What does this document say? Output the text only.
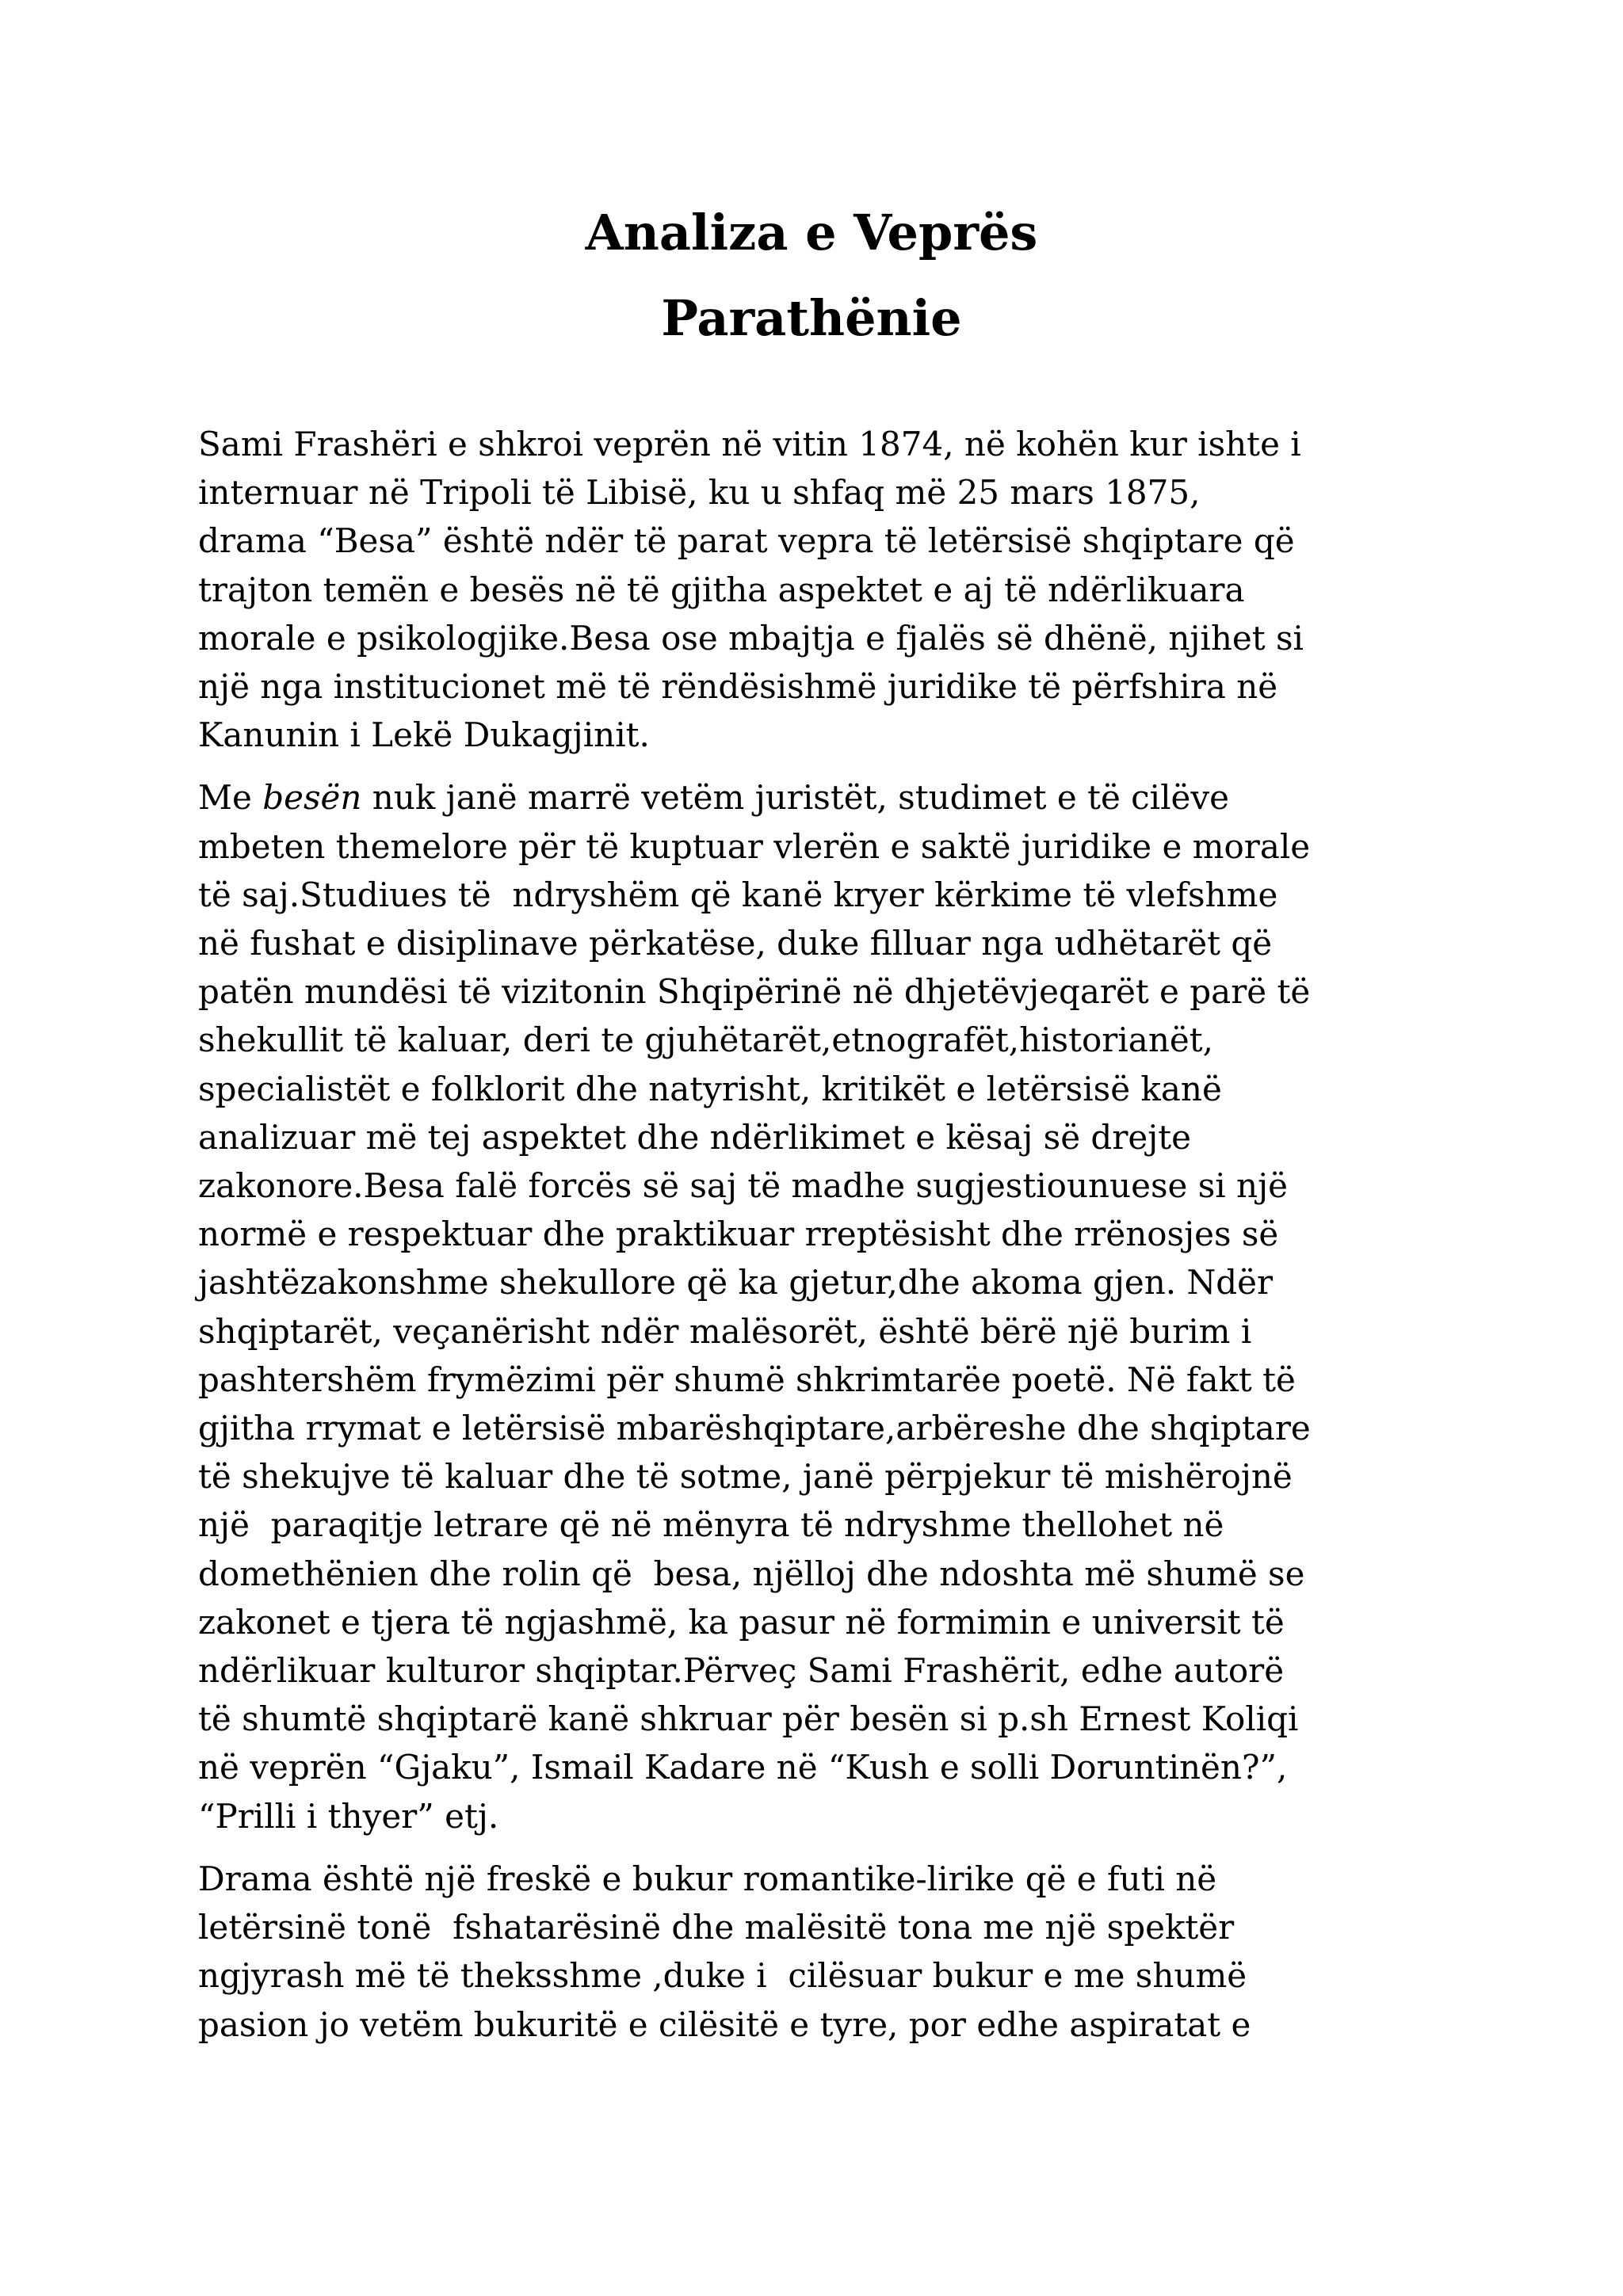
Analiza e Veprës
Parathënie

Sami Frashëri e shkroi veprën në vitin 1874, në kohën kur ishte i
internuar në Tripoli të Libisë, ku u shfaq më 25 mars 1875,
drama “Besa” është ndër të parat vepra të letërsisë shqiptare që
trajton temën e besës në të gjitha aspektet e aj të ndërlikuara
morale e psikologjike.Besa ose mbajtja e fjalës së dhënë, njihet si
një nga institucionet më të rëndësishmë juridike të përfshira në
Kanunin i Lekë Dukagjinit.

Me besën nuk janë marrë vetëm juristët, studimet e të cilëve
mbeten themelore për të kuptuar vlerën e saktë juridike e morale
të saj.Studiues të  ndryshëm që kanë kryer kërkime të vlefshme
në fushat e disiplinave përkatëse, duke filluar nga udhëtarët që
patën mundësi të vizitonin Shqipërinë në dhjetëvjeqarët e parë të
shekullit të kaluar, deri te gjuhëtarët,etnografët,historianët,
specialistët e folklorit dhe natyrisht, kritikët e letërsisë kanë
analizuar më tej aspektet dhe ndërlikimet e kësaj së drejte
zakonore.Besa falë forcës së saj të madhe sugjestiounuese si një
normë e respektuar dhe praktikuar rreptësisht dhe rrënosjes së
jashtëzakonshme shekullore që ka gjetur,dhe akoma gjen. Ndër
shqiptarët, veçanërisht ndër malësorët, është bërë një burim i
pashtershëm frymëzimi për shumë shkrimtarëe poetë. Në fakt të
gjitha rrymat e letërsisë mbarëshqiptare,arbëreshe dhe shqiptare
të shekujve të kaluar dhe të sotme, janë përpjekur të mishërojnë
një  paraqitje letrare që në mënyra të ndryshme thellohet në
domethënien dhe rolin që  besa, njëlloj dhe ndoshta më shumë se
zakonet e tjera të ngjashmë, ka pasur në formimin e universit të
ndërlikuar kulturor shqiptar.Përveç Sami Frashërit, edhe autorë
të shumtë shqiptarë kanë shkruar për besën si p.sh Ernest Koliqi
në veprën “Gjaku”, Ismail Kadare në “Kush e solli Doruntinën?”,
“Prilli i thyer” etj.

Drama është një freskë e bukur romantike-lirike që e futi në
letërsinë tonë  fshatarësinë dhe malësitë tona me një spektër
ngjyrash më të theksshme ,duke i  cilësuar bukur e me shumë
pasion jo vetëm bukuritë e cilësitë e tyre, por edhe aspiratat e
